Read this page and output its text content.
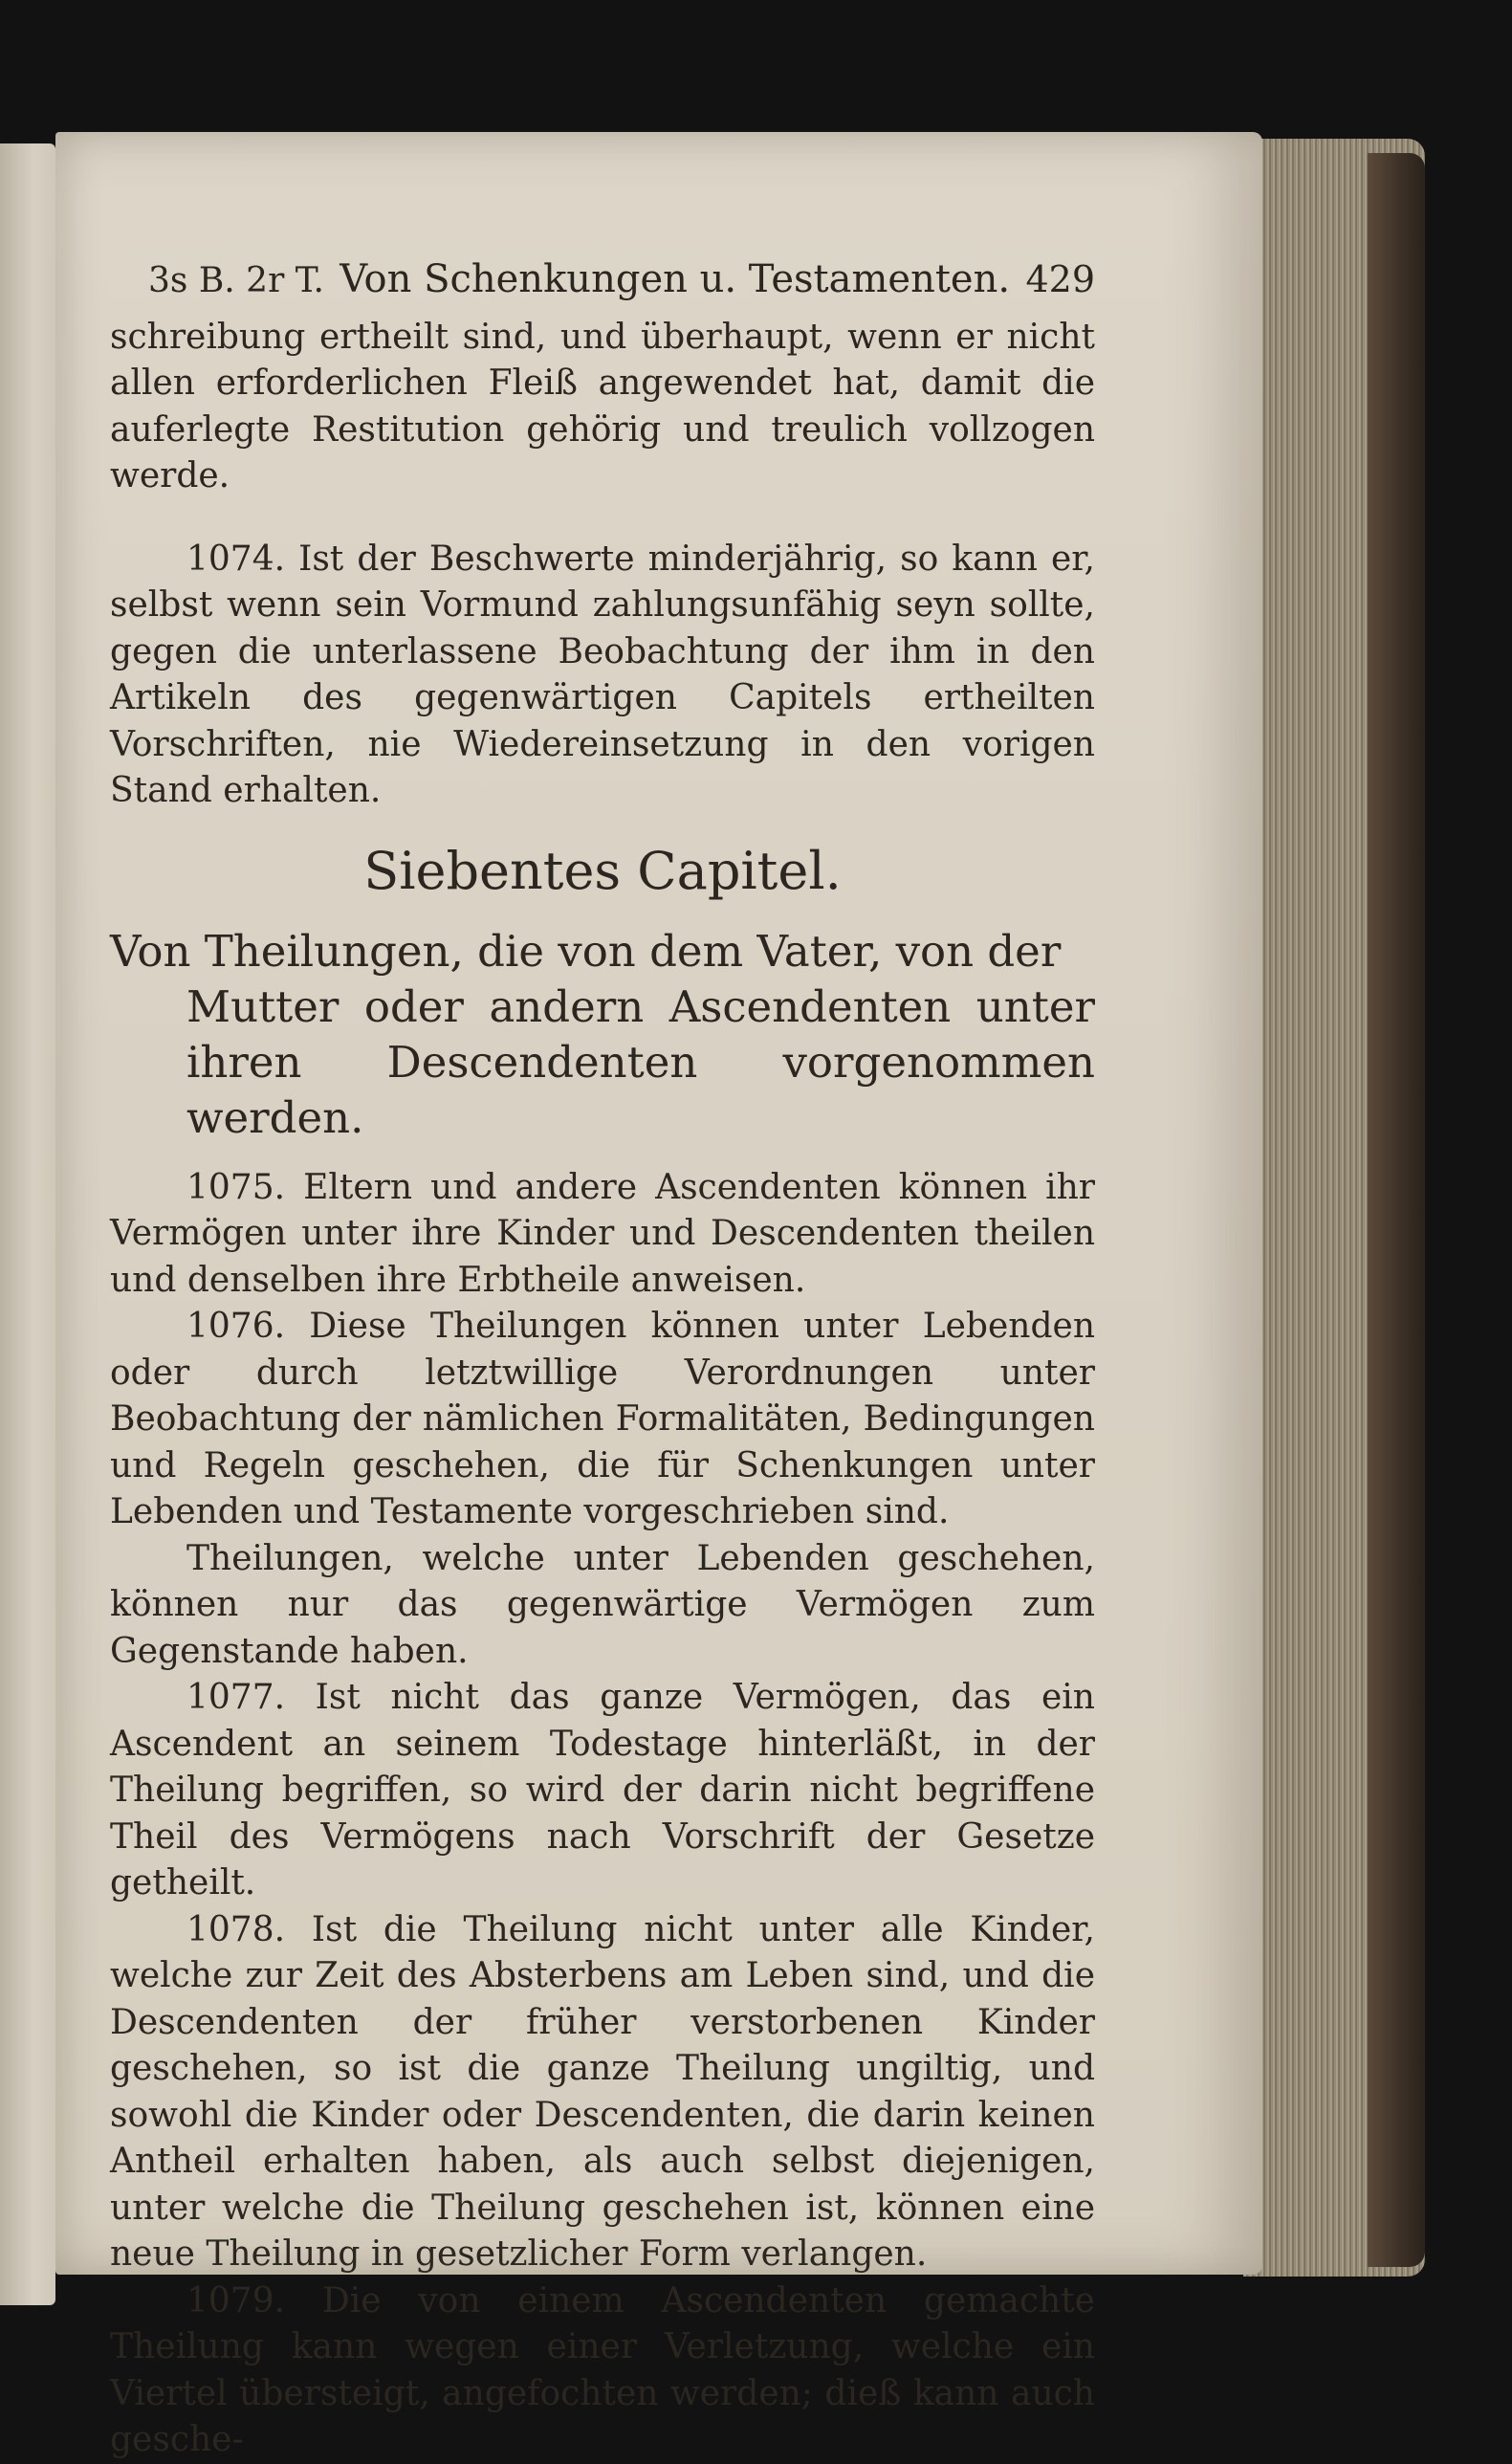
3s B. 2r T. Von Schenkungen u. Testamenten. 429

schreibung ertheilt sind, und überhaupt, wenn er nicht allen erforderlichen Fleiß angewendet hat, damit die auferlegte Restitution gehörig und treulich vollzogen werde.

1074. Ist der Beschwerte minderjährig, so kann er, selbst wenn sein Vormund zahlungsunfähig seyn sollte, gegen die unterlassene Beobachtung der ihm in den Artikeln des gegenwärtigen Capitels ertheilten Vorschriften, nie Wiedereinsetzung in den vorigen Stand erhalten.

Siebentes Capitel.
Von Theilungen, die von dem Vater, von der
Mutter oder andern Ascendenten unter ihren Descendenten vorgenommen werden.

1075. Eltern und andere Ascendenten können ihr Vermögen unter ihre Kinder und Descendenten theilen und denselben ihre Erbtheile anweisen.

1076. Diese Theilungen können unter Lebenden oder durch letztwillige Verordnungen unter Beobachtung der nämlichen Formalitäten, Bedingungen und Regeln geschehen, die für Schenkungen unter Lebenden und Testamente vorgeschrieben sind.

Theilungen, welche unter Lebenden geschehen, können nur das gegenwärtige Vermögen zum Gegenstande haben.

1077. Ist nicht das ganze Vermögen, das ein Ascendent an seinem Todestage hinterläßt, in der Theilung begriffen, so wird der darin nicht begriffene Theil des Vermögens nach Vorschrift der Gesetze getheilt.

1078. Ist die Theilung nicht unter alle Kinder, welche zur Zeit des Absterbens am Leben sind, und die Descendenten der früher verstorbenen Kinder geschehen, so ist die ganze Theilung ungiltig, und sowohl die Kinder oder Descendenten, die darin keinen Antheil erhalten haben, als auch selbst diejenigen, unter welche die Theilung geschehen ist, können eine neue Theilung in gesetzlicher Form verlangen.

1079. Die von einem Ascendenten gemachte Theilung kann wegen einer Verletzung, welche ein Viertel übersteigt, angefochten werden; dieß kann auch gesche-
